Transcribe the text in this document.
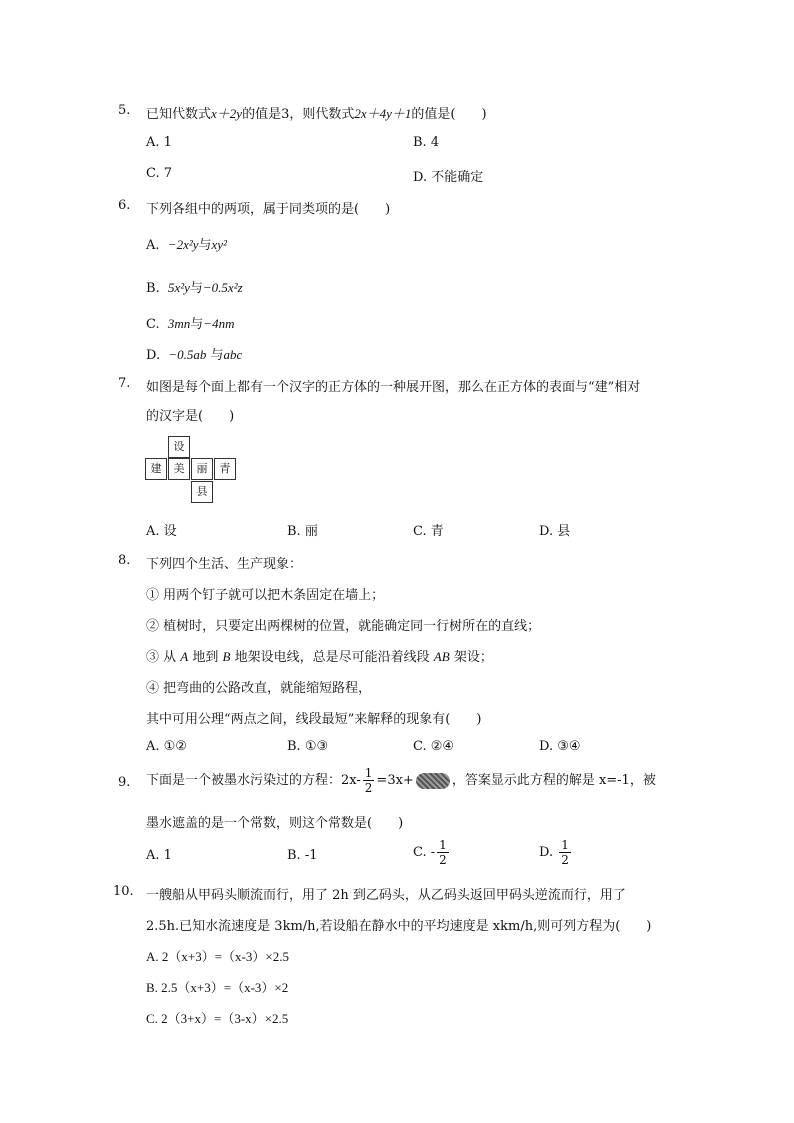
5. 已知代数式x＋2y的值是3，则代数式2x＋4y＋1的值是(　　)
A. 1	B. 4
C. 7	D. 不能确定
6. 下列各组中的两项，属于同类项的是(　　)
A. −2x²y与xy²
B. 5x²y与−0.5x²z
C. 3mn与−4nm
D. −0.5ab 与abc
7. 如图是每个面上都有一个汉字的正方体的一种展开图，那么在正方体的表面与“建”相对
的汉字是(　　)
设
建	美	丽	青
县
A. 设	B. 丽	C. 青	D. 县
8. 下列四个生活、生产现象：
① 用两个钉子就可以把木条固定在墙上；
② 植树时，只要定出两棵树的位置，就能确定同一行树所在的直线；
③ 从 A 地到 B 地架设电线，总是尽可能沿着线段 AB 架设；
④ 把弯曲的公路改直，就能缩短路程，
其中可用公理“两点之间，线段最短”来解释的现象有(　　)
A. ①②	B. ①③	C. ②④	D. ③④
9. 下面是一个被墨水污染过的方程：$2x- \frac{1}{2} =3x+$	，答案显示此方程的解是 x=-1，被
墨水遮盖的是一个常数，则这个常数是(　　)
A. 1	B. -1	C. - $\frac{1}{2}$	D. $\frac{1}{2}$
10. 一艘船从甲码头顺流而行，用了 2h 到乙码头，从乙码头返回甲码头逆流而行，用了
2.5h.已知水流速度是 3km/h,若设船在静水中的平均速度是 xkm/h,则可列方程为(　　)
A. 2（x+3）=（x-3）×2.5
B. 2.5（x+3）=（x-3）×2
C. 2（3+x）=（3-x）×2.5
